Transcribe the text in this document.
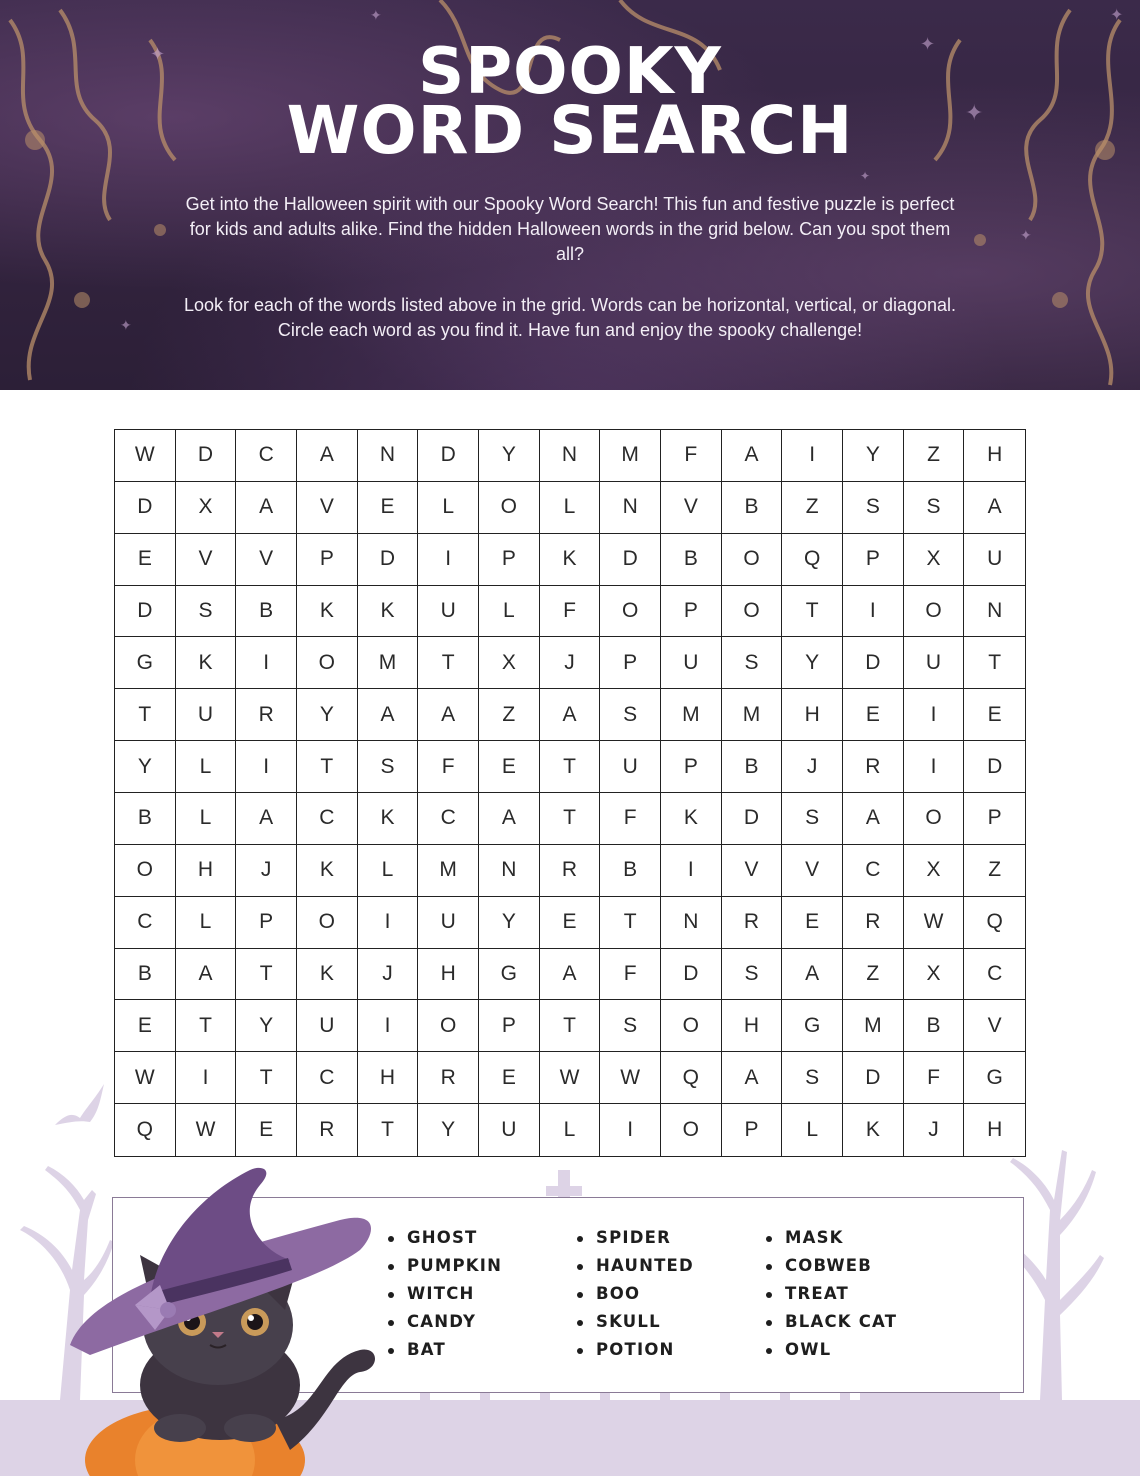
✦	✦
✦
✦
✦
✦
✦
✦
SPOOKY
WORD SEARCH
Get into the Halloween spirit with our Spooky Word Search! This fun and festive puzzle is perfect for kids and adults alike. Find the hidden Halloween words in the grid below. Can you spot them all?
Look for each of the words listed above in the grid. Words can be horizontal, vertical, or diagonal. Circle each word as you find it. Have fun and enjoy the spooky challenge!
W	D	C	A	N	D	Y	N	M	F	A	I	Y	Z	H
D	X	A	V	E	L	O	L	N	V	B	Z	S	S	A
E	V	V	P	D	I	P	K	D	B	O	Q	P	X	U
D	S	B	K	K	U	L	F	O	P	O	T	I	O	N
G	K	I	O	M	T	X	J	P	U	S	Y	D	U	T
T	U	R	Y	A	A	Z	A	S	M	M	H	E	I	E
Y	L	I	T	S	F	E	T	U	P	B	J	R	I	D
B	L	A	C	K	C	A	T	F	K	D	S	A	O	P
O	H	J	K	L	M	N	R	B	I	V	V	C	X	Z
C	L	P	O	I	U	Y	E	T	N	R	E	R	W	Q
B	A	T	K	J	H	G	A	F	D	S	A	Z	X	C
E	T	Y	U	I	O	P	T	S	O	H	G	M	B	V
W	I	T	C	H	R	E	W	W	Q	A	S	D	F	G
Q	W	E	R	T	Y	U	L	I	O	P	L	K	J	H
GHOST
PUMPKIN
WITCH
CANDY
BAT
SPIDER
HAUNTED
BOO
SKULL
POTION
MASK
COBWEB
TREAT
BLACK CAT
OWL
